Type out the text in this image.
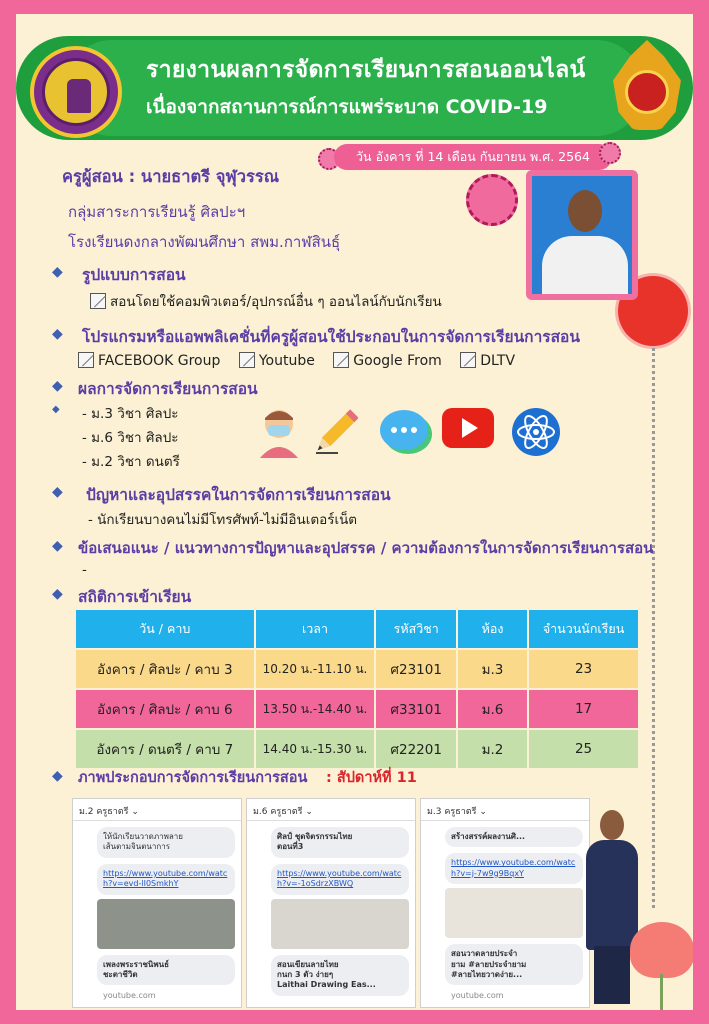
รายงานผลการจัดการเรียนการสอนออนไลน์
เนื่องจากสถานการณ์การแพร่ระบาด COVID-19
วัน อังคาร ที่ 14 เดือน กันยายน พ.ศ. 2564
ครูผู้สอน : นายธาตรี จุฬุวรรณ
กลุ่มสาระการเรียนรู้ ศิลปะฯ
โรงเรียนดงกลางพัฒนศึกษา สพม.กาฬสินธุ์
◆ รูปแบบการสอน
สอนโดยใช้คอมพิวเตอร์/อุปกรณ์อื่น ๆ ออนไลน์กับนักเรียน
◆ โปรแกรมหรือแอพพลิเคชั่นที่ครูผู้สอนใช้ประกอบในการจัดการเรียนการสอน
FACEBOOK Group	Youtube	Google From	DLTV
◆ ผลการจัดการเรียนการสอน
◆ - ม.3 วิชา ศิลปะ
- ม.6 วิชา ศิลปะ
- ม.2 วิชา ดนตรี
◆ ปัญหาและอุปสรรคในการจัดการเรียนการสอน
- นักเรียนบางคนไม่มีโทรศัพท์-ไม่มีอินเตอร์เน็ต
◆ ข้อเสนอแนะ / แนวทางการปัญหาและอุปสรรค / ความต้องการในการจัดการเรียนการสอน
-
◆ สถิติการเข้าเรียน
วัน / คาบ	เวลา	รหัสวิชา	ห้อง	จำนวนนักเรียน
อังคาร / ศิลปะ / คาบ 3	10.20 น.-11.10 น.	ศ23101	ม.3	23
อังคาร / ศิลปะ / คาบ 6	13.50 น.-14.40 น.	ศ33101	ม.6	17
อังคาร / ดนตรี / คาบ 7	14.40 น.-15.30 น.	ศ22201	ม.2	25
◆ ภาพประกอบการจัดการเรียนการสอน : สัปดาห์ที่ 11
ม.2 ครูธาตรี ⌄
ให้นักเรียนวาดภาพลาย
เส้นตามจินตนาการ
https://www.youtube.com/watch?v=evd-lI0SmkhY
เพลงพระราชนิพนธ์
ชะตาชีวิต
youtube.com
ม.6 ครูธาตรี ⌄
ศิลป์ ชุดจิตรกรรมไทย
ตอนที่3
https://www.youtube.com/watch?v=-1oSdrzXBWQ
สอนเขียนลายไทย
กนก 3 ตัว ง่ายๆ
Laithai Drawing Eas...
ม.3 ครูธาตรี ⌄
สร้างสรรค์ผลงานศิ...
https://www.youtube.com/watch?v=j-7w9g9BqxY
สอนวาดลายประจำ
ยาม #ลายประจำยาม
#ลายไทยวาดง่าย...
youtube.com
